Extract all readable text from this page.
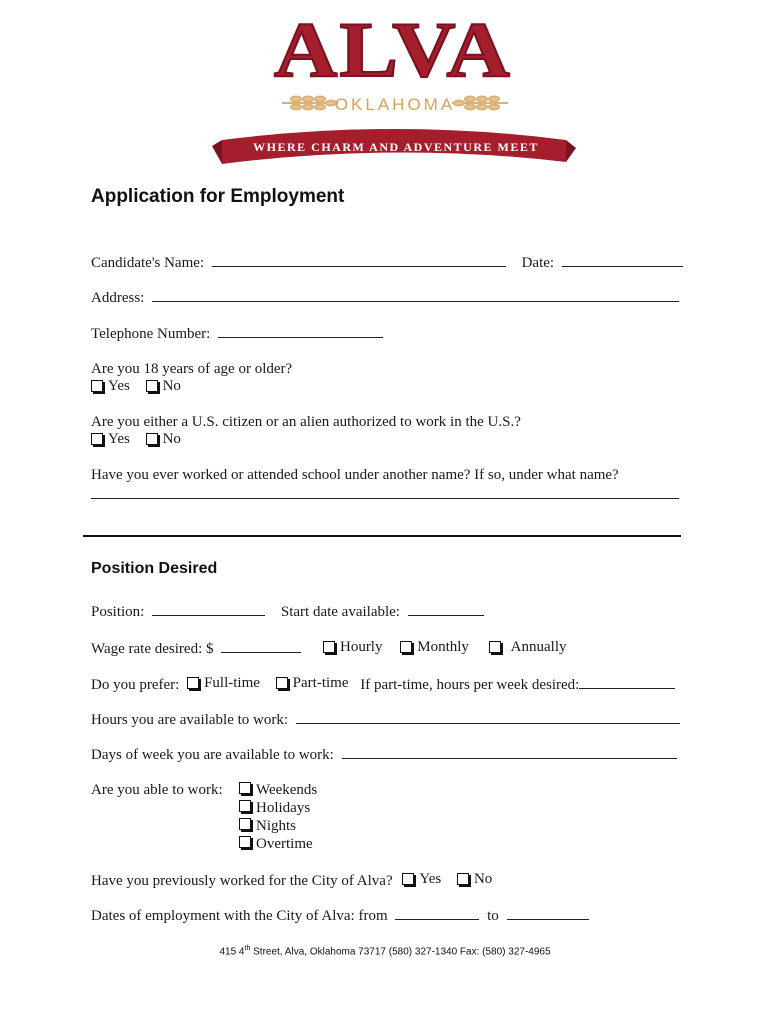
ALVA
OKLAHOMA
WHERE CHARM AND ADVENTURE MEET
Application for Employment
Candidate's Name:	Date:
Address:
Telephone Number:
Are you 18 years of age or older?
Yes
No
Are you either a U.S. citizen or an alien authorized to work in the U.S.?
Yes
No
Have you ever worked or attended school under another name? If so, under what name?
Position Desired
Position:	Start date available:
Wage rate desired: $	Hourly
Monthly
	Annually
Do you prefer: Full-time
Part-time If part-time, hours per week desired:
Hours you are available to work:
Days of week you are available to work:
Are you able to work:	Weekends
Holidays
Nights
Overtime
Have you previously worked for the City of Alva? Yes
No
Dates of employment with the City of Alva: from	to
415 4th Street, Alva, Oklahoma 73717 (580) 327-1340 Fax: (580) 327-4965
